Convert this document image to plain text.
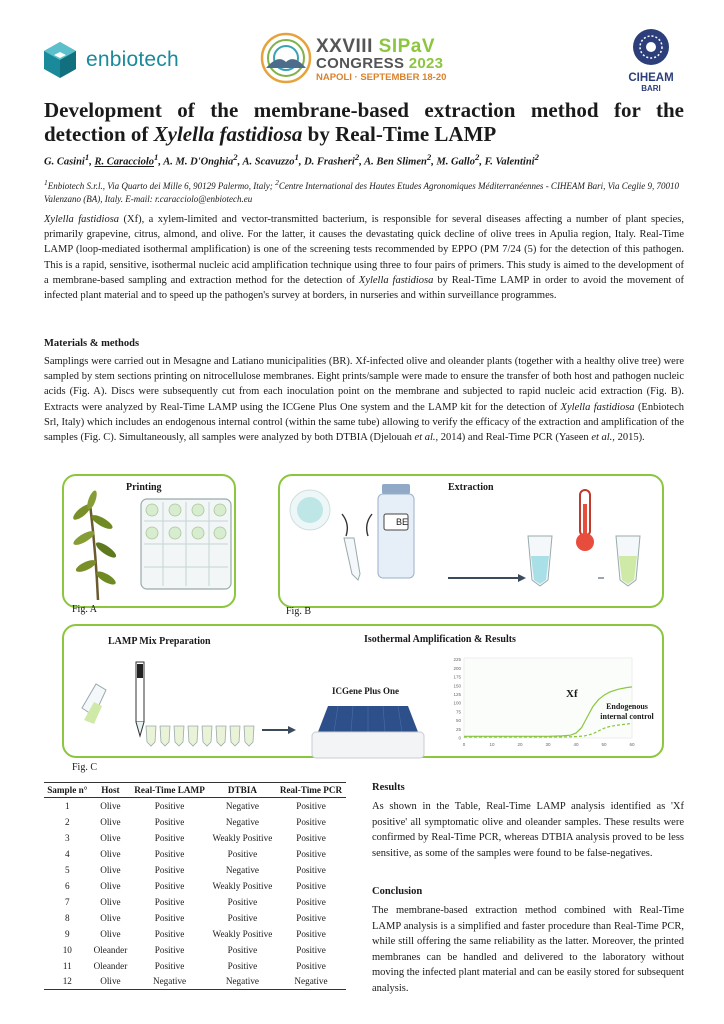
enbiotech
XXVIII SIPaV
CONGRESS 2023
NAPOLI · SEPTEMBER 18-20	CIHEAM
BARI
Development of the membrane-based extraction method for the detection of Xylella fastidiosa by Real-Time LAMP
G. Casini$^1$, R. Caracciolo$^1$, A. M. D'Onghia$^2$, A. Scavuzzo$^1$, D. Frasheri$^2$, A. Ben Slimen$^2$, M. Gallo$^2$, F. Valentini$^2$
$^1$Enbiotech S.r.l., Via Quarto dei Mille 6, 90129 Palermo, Italy; $^2$Centre International des Hautes Etudes Agronomiques Méditerranéennes - CIHEAM Bari, Via Ceglie 9, 70010 Valenzano (BA), Italy. E-mail: r.caracciolo@enbiotech.eu
Xylella fastidiosa (Xf), a xylem-limited and vector-transmitted bacterium, is responsible for several diseases affecting a number of plant species, primarily grapevine, citrus, almond, and olive. For the latter, it causes the devastating quick decline of olive trees in Apulia region, Italy. Real-Time LAMP (loop-mediated isothermal amplification) is one of the screening tests recommended by EPPO (PM 7/24 (5) for the detection of this pathogen. This is a rapid, sensitive, isothermal nucleic acid amplification technique using three to four pairs of primers. This study is aimed to the development of a membrane-based sampling and extraction method for the detection of Xylella fastidiosa by Real-Time LAMP in order to avoid the movement of infected plant material and to speed up the pathogen's survey at borders, in nurseries and within surveillance programmes.
Materials & methods
Samplings were carried out in Mesagne and Latiano municipalities (BR). Xf-infected olive and oleander plants (together with a healthy olive tree) were sampled by stem sections printing on nitrocellulose membranes. Eight prints/sample were made to ensure the transfer of both host and pathogen nucleic acids (Fig. A). Discs were subsequently cut from each inoculation point on the membrane and subjected to rapid nucleic acid extraction (Fig. B). Extracts were analyzed by Real-Time LAMP using the ICGene Plus One system and the LAMP kit for the detection of Xylella fastidiosa (Enbiotech Srl, Italy) which includes an endogenous internal control (within the same tube) allowing to verify the efficacy of the extraction and amplification of the samples (Fig. C). Simultaneously, all samples were analyzed by both DTBIA (Djelouah et al., 2014) and Real-Time PCR (Yaseen et al., 2015).
Printing
Fig. A
Extraction
BE
Fig. B
LAMP Mix Preparation	Isothermal Amplification & Results
ICGene Plus One
0	10	20	30	40	50	60
0
25
50
75
100
125
150
175
200
225
Xf
Endogenous internal control
Fig. C
Sample n°	Host	Real-Time LAMP	DTBIA	Real-Time PCR
1	Olive	Positive	Negative	Positive
2	Olive	Positive	Negative	Positive
3	Olive	Positive	Weakly Positive	Positive
4	Olive	Positive	Positive	Positive
5	Olive	Positive	Negative	Positive
6	Olive	Positive	Weakly Positive	Positive
7	Olive	Positive	Positive	Positive
8	Olive	Positive	Positive	Positive
9	Olive	Positive	Weakly Positive	Positive
10	Oleander	Positive	Positive	Positive
11	Oleander	Positive	Positive	Positive
12	Olive	Negative	Negative	Negative
Results
As shown in the Table, Real-Time LAMP analysis identified as 'Xf positive' all symptomatic olive and oleander samples. These results were confirmed by Real-Time PCR, whereas DTBIA analysis proved to be less sensitive, as some of the samples were found to be false-negatives.
Conclusion
The membrane-based extraction method combined with Real-Time LAMP analysis is a simplified and faster procedure than Real-Time PCR, while still offering the same reliability as the latter. Moreover, the printed membranes can be handled and delivered to the laboratory without moving the infected plant material and can be easily stored for subsequent analysis.
